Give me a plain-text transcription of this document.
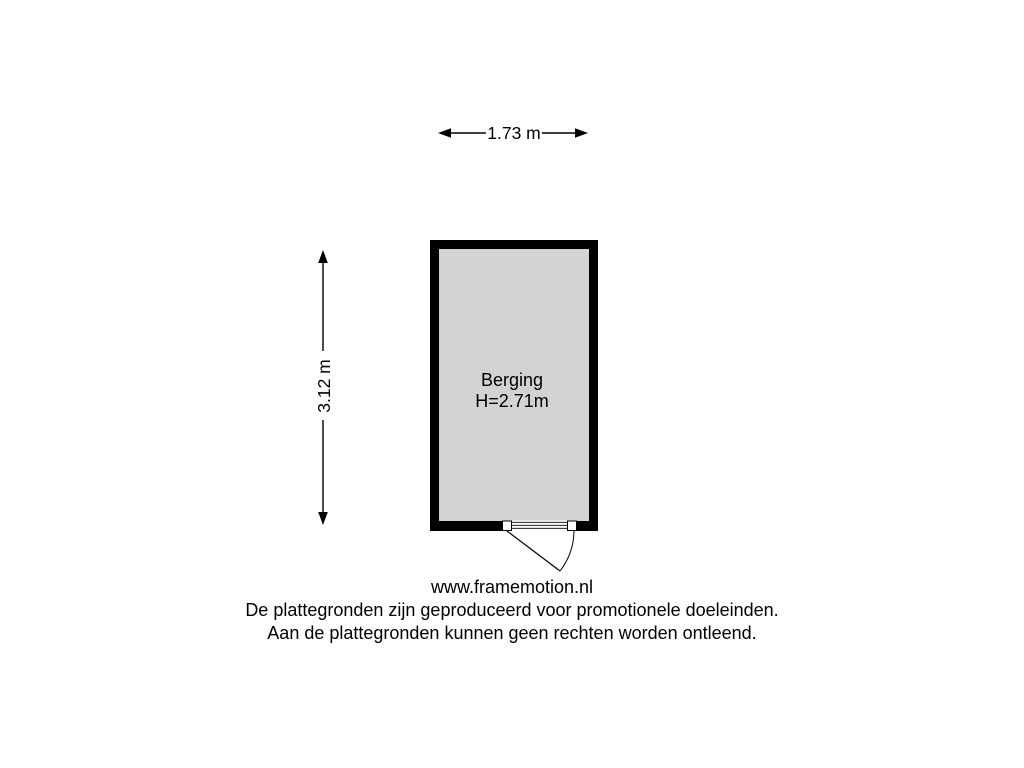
1.73 m
3.12 m	Berging
H=2.71m
www.framemotion.nl
De plattegronden zijn geproduceerd voor promotionele doeleinden.
Aan de plattegronden kunnen geen rechten worden ontleend.
